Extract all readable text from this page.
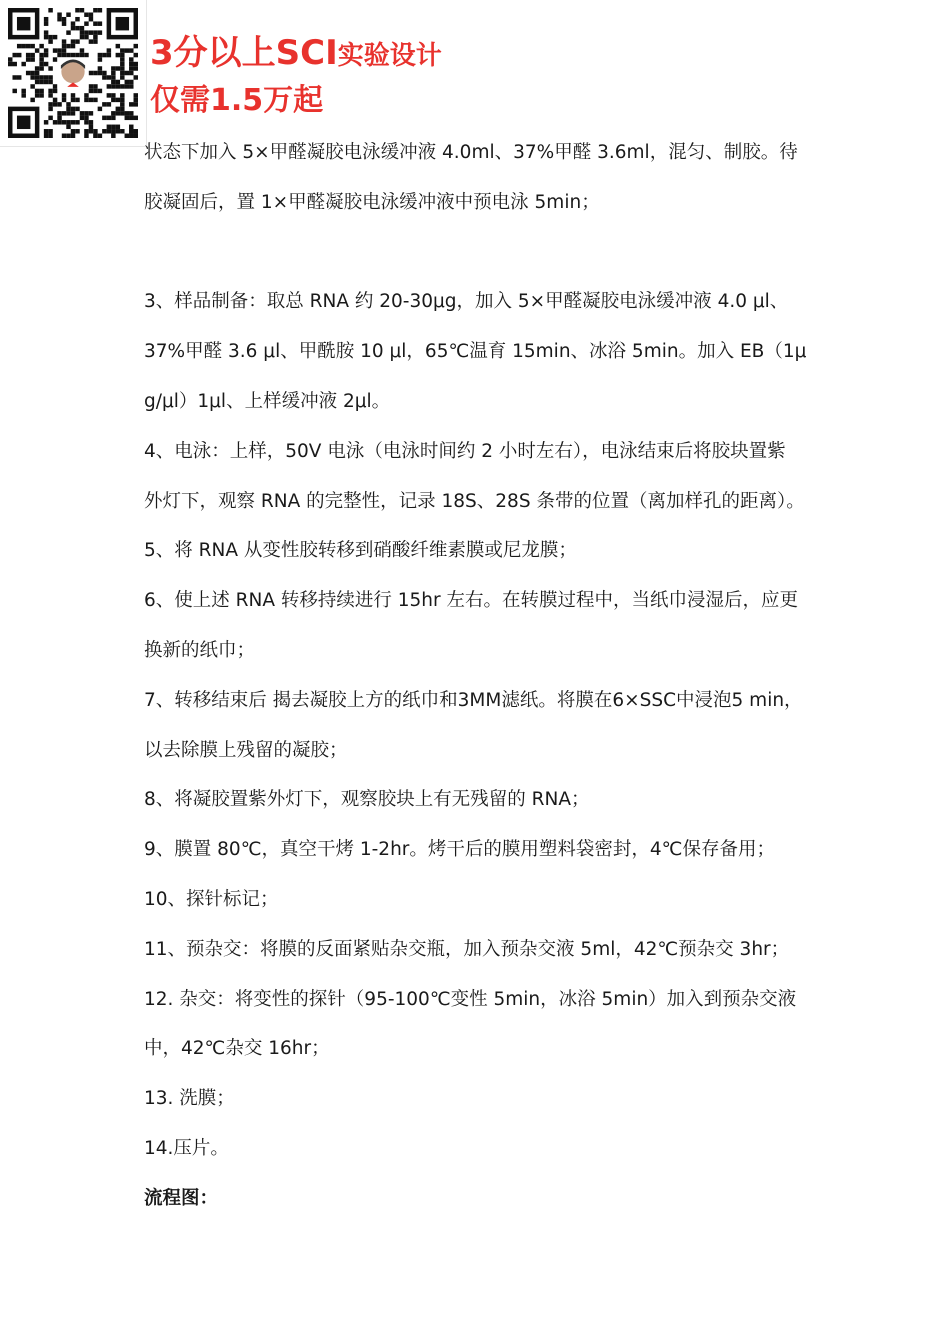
3分以上SCI实验设计
仅需1.5万起

状态下加入 5×甲醛凝胶电泳缓冲液 4.0ml、37%甲醛 3.6ml，混匀、制胶。待

胶凝固后，置 1×甲醛凝胶电泳缓冲液中预电泳 5min；

3、样品制备：取总 RNA 约 20-30μg，加入 5×甲醛凝胶电泳缓冲液 4.0 μl、

37%甲醛 3.6 μl、甲酰胺 10 μl，65℃温育 15min、冰浴 5min。加入 EB（1μ

g/μl）1μl、上样缓冲液 2μl。

4、电泳：上样，50V 电泳（电泳时间约 2 小时左右），电泳结束后将胶块置紫

外灯下，观察 RNA 的完整性，记录 18S、28S 条带的位置（离加样孔的距离）。

5、将 RNA 从变性胶转移到硝酸纤维素膜或尼龙膜；

6、使上述 RNA 转移持续进行 15hr 左右。在转膜过程中，当纸巾浸湿后，应更

换新的纸巾；

7、转移结束后 揭去凝胶上方的纸巾和3MM滤纸。将膜在6×SSC中浸泡5 min，

以去除膜上残留的凝胶；

8、将凝胶置紫外灯下，观察胶块上有无残留的 RNA；

9、膜置 80℃，真空干烤 1-2hr。烤干后的膜用塑料袋密封，4℃保存备用；

10、探针标记；

11、预杂交：将膜的反面紧贴杂交瓶，加入预杂交液 5ml，42℃预杂交 3hr；

12. 杂交：将变性的探针（95-100℃变性 5min，冰浴 5min）加入到预杂交液

中，42℃杂交 16hr；

13. 洗膜；

14.压片。

流程图：
